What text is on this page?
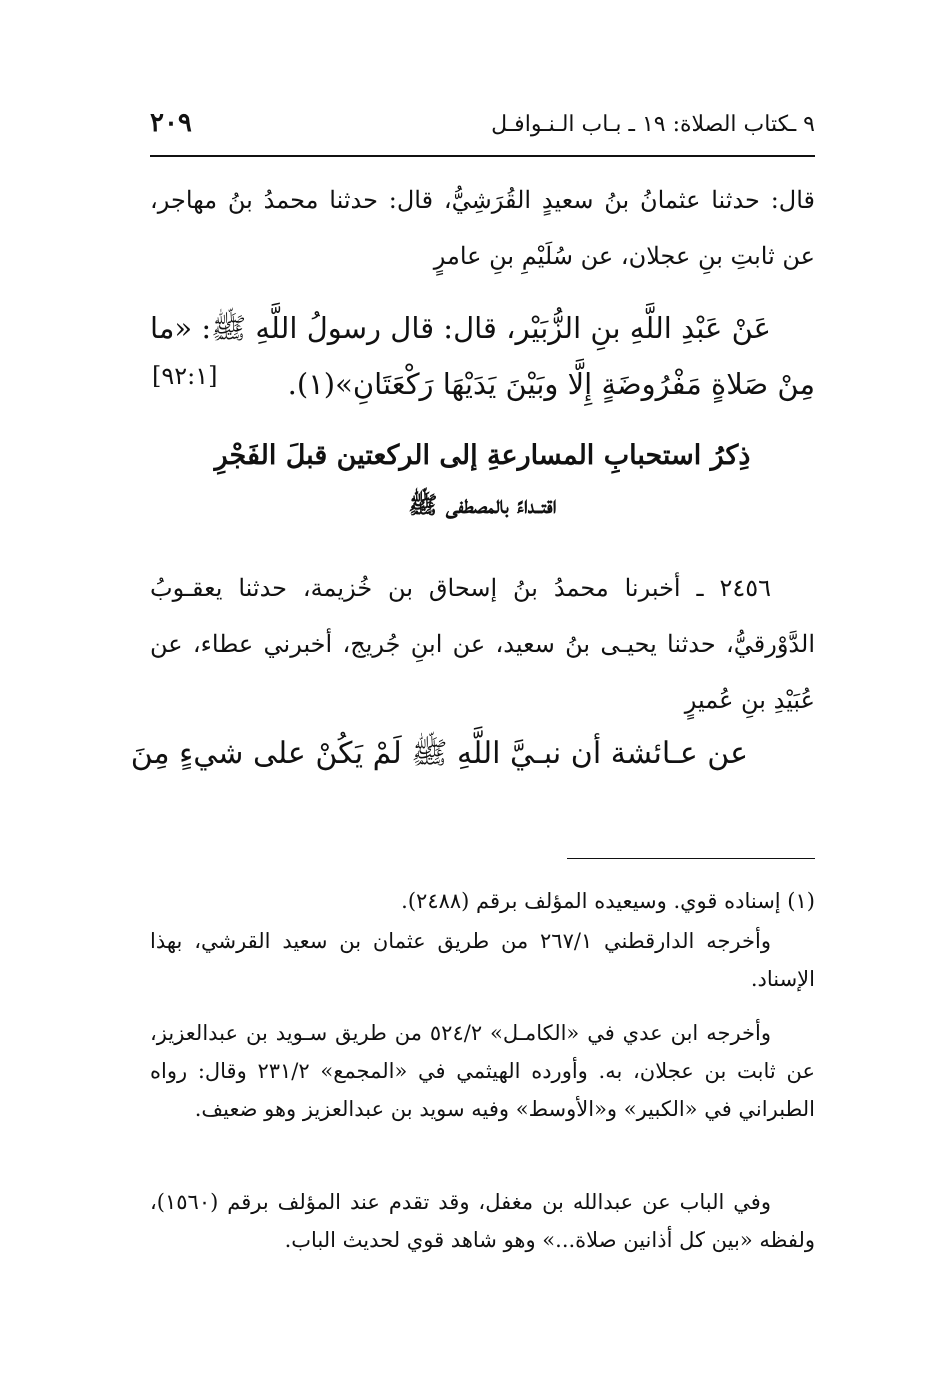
٩ ـكتاب الصلاة: ١٩ ـ بـاب الـنـوافـل
٢٠٩
قال: حدثنا عثمانُ بنُ سعيدٍ القُرَشِيُّ، قال: حدثنا محمدُ بنُ مهاجر، عن ثابتِ بنِ عجلان، عن سُلَيْمِ بنِ عامرٍ
عَنْ عَبْدِ اللَّهِ بنِ الزُّبَيْر، قال: قال رسولُ اللَّهِ ﷺ: «ما مِنْ صَلاةٍ مَفْرُوضَةٍ إِلَّا وبَيْنَ يَدَيْهَا رَكْعَتَانِ»(١).
[٩٢:١]
ذِكرُ استحبابِ المسارعةِ إلى الركعتين قبلَ الفَجْرِ
اقتــداءً بالمصطفى ﷺ
٢٤٥٦ ـ أخبرنا محمدُ بنُ إسحاق بن خُزيمة، حدثنا يعقـوبُ الدَّوْرقيُّ، حدثنا يحيـى بنُ سعيد، عن ابنِ جُريج، أخبرني عطاء، عن عُبَيْدِ بنِ عُميرٍ
عن عـائشة أن نبـيَّ اللَّهِ ﷺ لَمْ يَكُنْ على شيءٍ مِنَ
(١) إسناده قوي. وسيعيده المؤلف برقم (٢٤٨٨).
وأخرجه الدارقطني ٢٦٧/١ من طريق عثمان بن سعيد القرشي، بهذا الإسناد.
وأخرجه ابن عدي في «الكامـل» ٥٢٤/٢ من طريق سـويد بن عبدالعزيز، عن ثابت بن عجلان، به. وأورده الهيثمي في «المجمع» ٢٣١/٢ وقال: رواه الطبراني في «الكبير» و«الأوسط» وفيه سويد بن عبدالعزيز وهو ضعيف.
وفي الباب عن عبدالله بن مغفل، وقد تقدم عند المؤلف برقم (١٥٦٠)، ولفظه «بين كل أذانين صلاة...» وهو شاهد قوي لحديث الباب.
